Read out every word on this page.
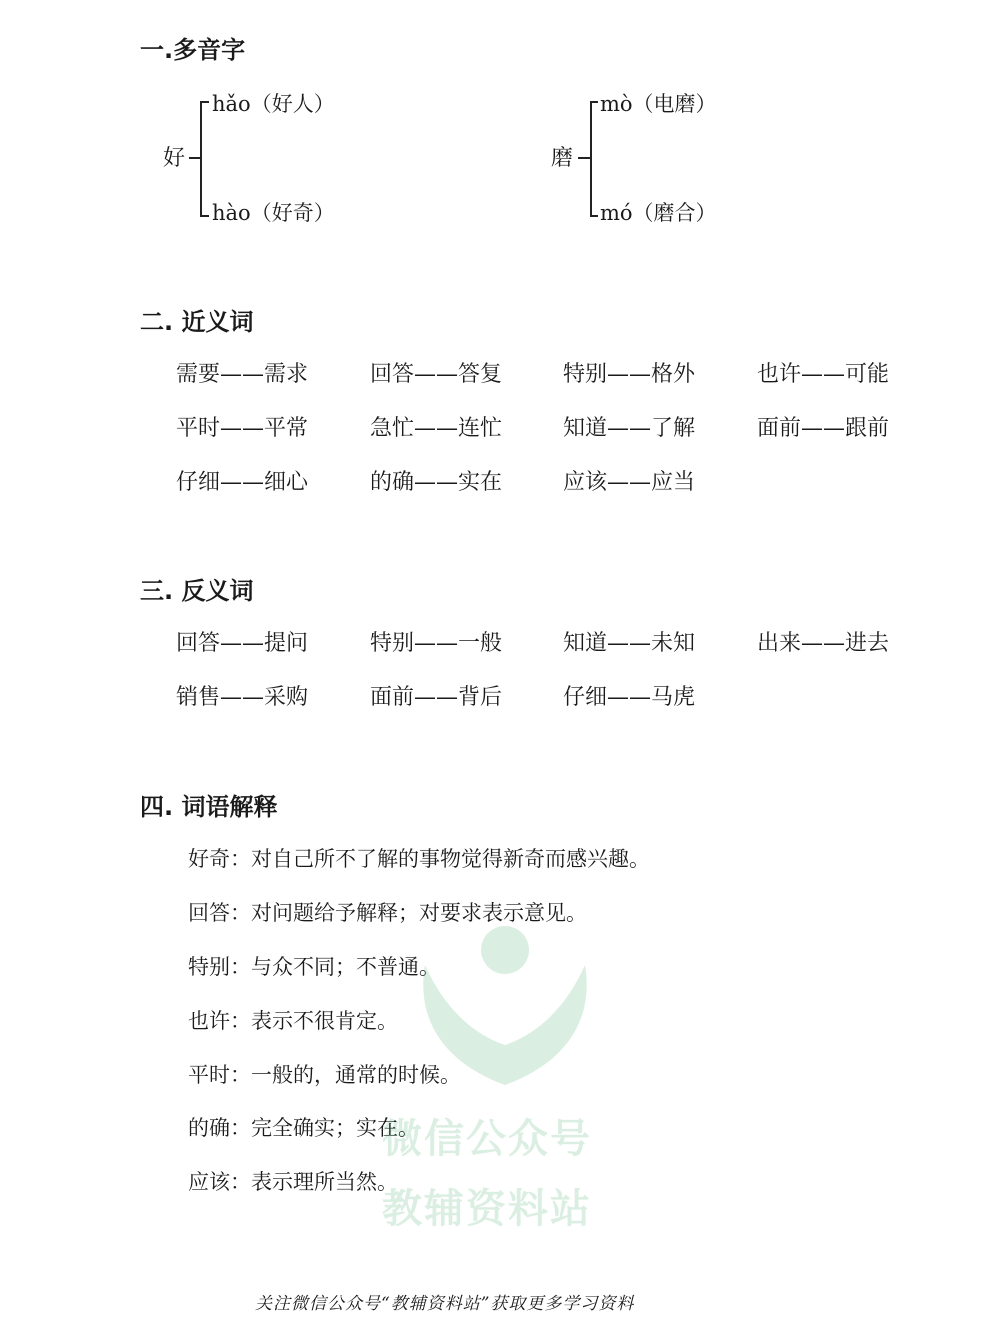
一.多音字
好
hǎo（好人）
hào（好奇）
磨
mò（电磨）
mó（磨合）
二. 近义词
需要——需求	回答——答复	特别——格外	也许——可能
平时——平常	急忙——连忙	知道——了解	面前——跟前
仔细——细心	的确——实在	应该——应当
三. 反义词
回答——提问	特别——一般	知道——未知	出来——进去
销售——采购	面前——背后	仔细——马虎
四. 词语解释
好奇：对自己所不了解的事物觉得新奇而感兴趣。
回答：对问题给予解释；对要求表示意见。
特别：与众不同；不普通。
也许：表示不很肯定。
平时：一般的，通常的时候。
的确：完全确实；实在。
应该：表示理所当然。
微信公众号
教辅资料站
关注微信公众号“教辅资料站”获取更多学习资料
